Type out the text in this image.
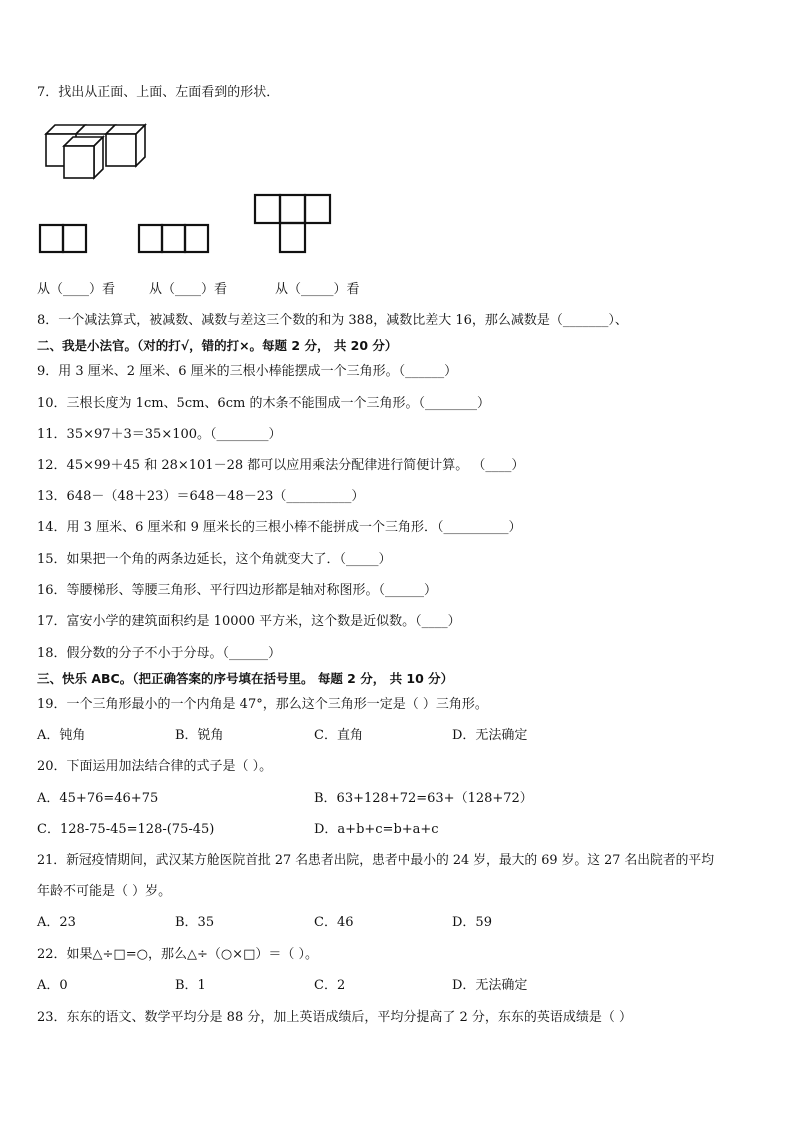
7．找出从正面、上面、左面看到的形状．
从（____）看	从（____）看	从（_____）看
8．一个减法算式，被减数、减数与差这三个数的和为 388，减数比差大 16，那么减数是（_______）、
二、我是小法官。（对的打√，错的打×。每题 2 分， 共 20 分）
9．用 3 厘米、2 厘米、6 厘米的三根小棒能摆成一个三角形。（______）
10．三根长度为 1cm、5cm、6cm 的木条不能围成一个三角形。（________）
11．35×97＋3＝35×100。（________）
12．45×99＋45 和 28×101－28 都可以应用乘法分配律进行简便计算。 （____）
13．648－（48＋23）＝648－48－23（__________）
14．用 3 厘米、6 厘米和 9 厘米长的三根小棒不能拼成一个三角形．（__________）
15．如果把一个角的两条边延长，这个角就变大了．（_____）
16．等腰梯形、等腰三角形、平行四边形都是轴对称图形。（______）
17．富安小学的建筑面积约是 10000 平方米，这个数是近似数。（____）
18．假分数的分子不小于分母。（______）
三、快乐 ABC。（把正确答案的序号填在括号里。 每题 2 分， 共 10 分）
19．一个三角形最小的一个内角是 47°，那么这个三角形一定是（ ）三角形。
A．钝角	B．锐角	C．直角	D．无法确定
20．下面运用加法结合律的式子是（ ）。
A．45+76=46+75	B．63+128+72=63+（128+72）
C．128-75-45=128-(75-45)	D．a+b+c=b+a+c
21．新冠疫情期间，武汉某方舱医院首批 27 名患者出院，患者中最小的 24 岁，最大的 69 岁。这 27 名出院者的平均
年龄不可能是（ ）岁。
A．23	B．35	C．46	D．59
22．如果△÷□=○，那么△÷（○×□）＝（ ）。
A．0	B．1	C．2	D．无法确定
23．东东的语文、数学平均分是 88 分，加上英语成绩后，平均分提高了 2 分，东东的英语成绩是（ ）
